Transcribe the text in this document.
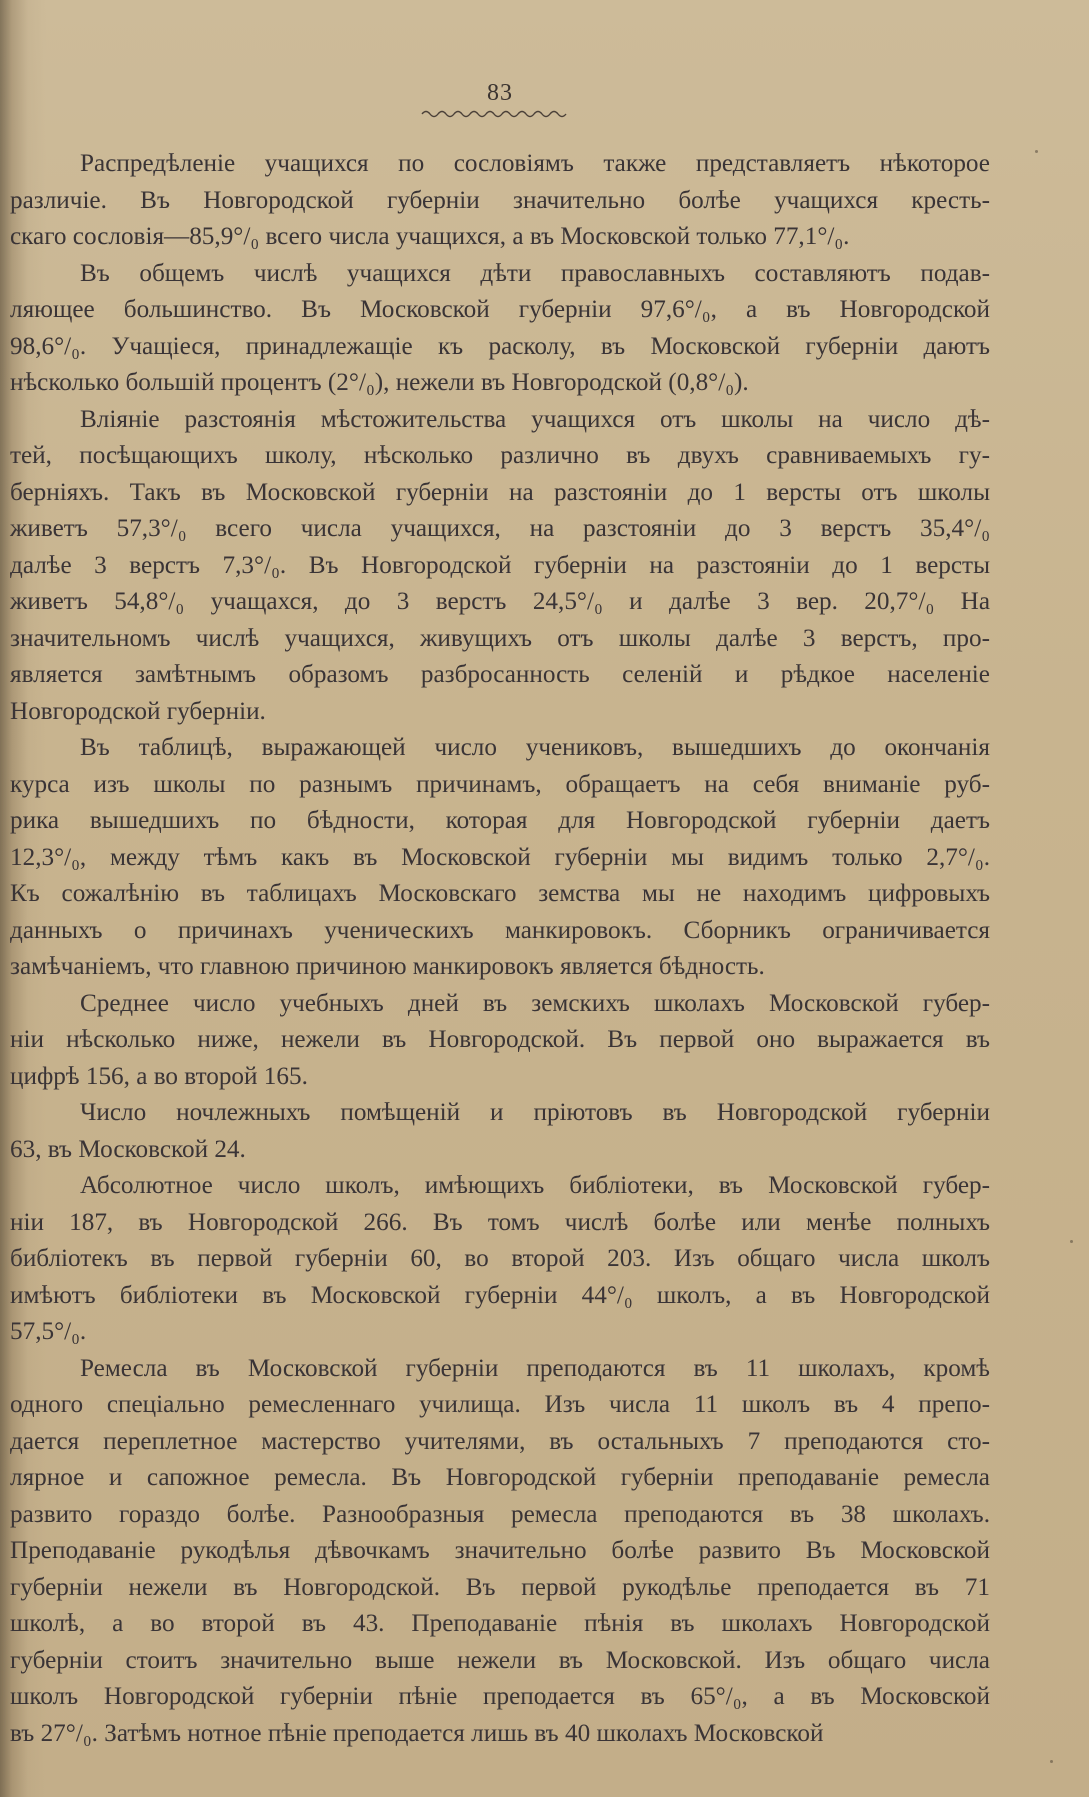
83
Распредѣленіе учащихся по сословіямъ также представляетъ нѣкоторое
различіе. Въ Новгородской губерніи значительно болѣе учащихся кресть-
скаго сословія—85,9°/₀ всего числа учащихся, а въ Московской только 77,1°/₀.
Въ общемъ числѣ учащихся дѣти православныхъ составляютъ подав-
ляющее большинство. Въ Московской губерніи 97,6°/₀, а въ Новгородской
98,6°/₀. Учащіеся, принадлежащіе къ расколу, въ Московской губерніи даютъ
нѣсколько большій процентъ (2°/₀), нежели въ Новгородской (0,8°/₀).
Вліяніе разстоянія мѣстожительства учащихся отъ школы на число дѣ-
тей, посѣщающихъ школу, нѣсколько различно въ двухъ сравниваемыхъ гу-
берніяхъ. Такъ въ Московской губерніи на разстояніи до 1 версты отъ школы
живетъ 57,3°/₀ всего числа учащихся, на разстояніи до 3 верстъ 35,4°/₀
далѣе 3 верстъ 7,3°/₀. Въ Новгородской губерніи на разстояніи до 1 версты
живетъ 54,8°/₀ учащахся, до 3 верстъ 24,5°/₀ и далѣе 3 вер. 20,7°/₀ На
значительномъ числѣ учащихся, живущихъ отъ школы далѣе 3 верстъ, про-
является замѣтнымъ образомъ разбросанность селеній и рѣдкое населеніе
Новгородской губерніи.
Въ таблицѣ, выражающей число учениковъ, вышедшихъ до окончанія
курса изъ школы по разнымъ причинамъ, обращаетъ на себя вниманіе руб-
рика вышедшихъ по бѣдности, которая для Новгородской губерніи даетъ
12,3°/₀, между тѣмъ какъ въ Московской губерніи мы видимъ только 2,7°/₀.
Къ сожалѣнію въ таблицахъ Московскаго земства мы не находимъ цифровыхъ
данныхъ о причинахъ ученическихъ манкировокъ. Сборникъ ограничивается
замѣчаніемъ, что главною причиною манкировокъ является бѣдность.
Среднее число учебныхъ дней въ земскихъ школахъ Московской губер-
ніи нѣсколько ниже, нежели въ Новгородской. Въ первой оно выражается въ
цифрѣ 156, а во второй 165.
Число ночлежныхъ помѣщеній и пріютовъ въ Новгородской губерніи
63, въ Московской 24.
Абсолютное число школъ, имѣющихъ библіотеки, въ Московской губер-
ніи 187, въ Новгородской 266. Въ томъ числѣ болѣе или менѣе полныхъ
библіотекъ въ первой губерніи 60, во второй 203. Изъ общаго числа школъ
имѣютъ библіотеки въ Московской губерніи 44°/₀ школъ, а въ Новгородской
57,5°/₀.
Ремесла въ Московской губерніи преподаются въ 11 школахъ, кромѣ
одного спеціально ремесленнаго училища. Изъ числа 11 школъ въ 4 препо-
дается переплетное мастерство учителями, въ остальныхъ 7 преподаются сто-
лярное и сапожное ремесла. Въ Новгородской губерніи преподаваніе ремесла
развито гораздо болѣе. Разнообразныя ремесла преподаются въ 38 школахъ.
Преподаваніе рукодѣлья дѣвочкамъ значительно болѣе развито Въ Московской
губерніи нежели въ Новгородской. Въ первой рукодѣлье преподается въ 71
школѣ, а во второй въ 43. Преподаваніе пѣнія въ школахъ Новгородской
губерніи стоитъ значительно выше нежели въ Московской. Изъ общаго числа
школъ Новгородской губерніи пѣніе преподается въ 65°/₀, а въ Московской
въ 27°/₀. Затѣмъ нотное пѣніе преподается лишь въ 40 школахъ Московской
